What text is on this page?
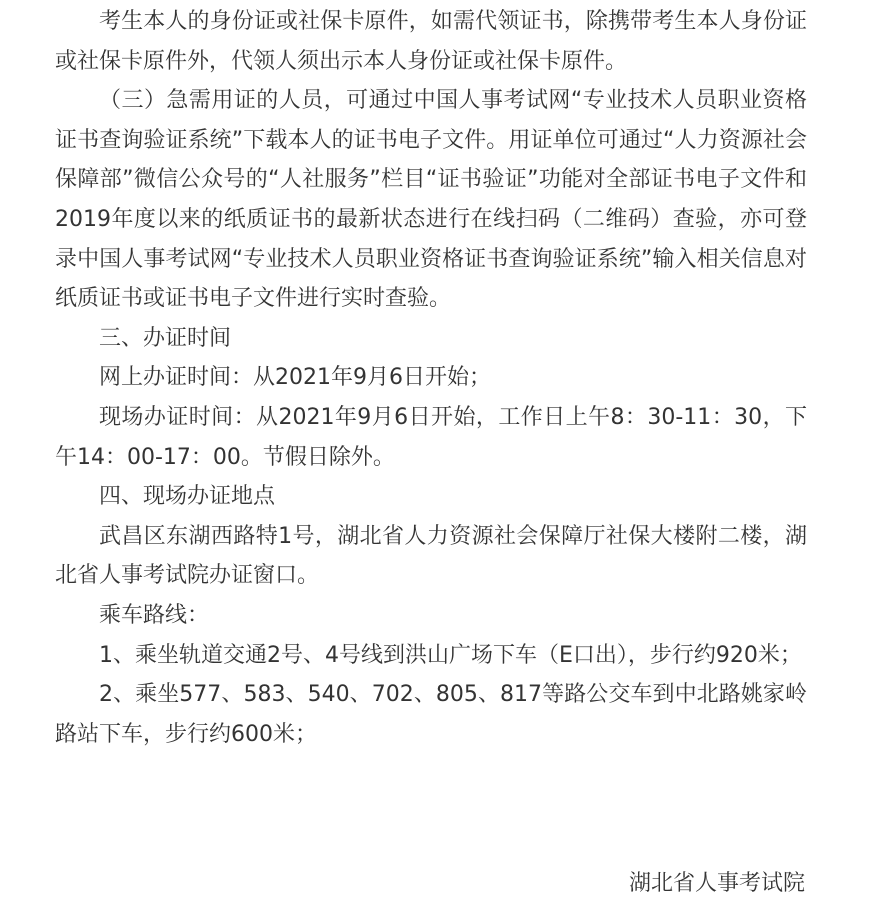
考生本人的身份证或社保卡原件，如需代领证书，除携带考生本人身份证或社保卡原件外，代领人须出示本人身份证或社保卡原件。

（三）急需用证的人员，可通过中国人事考试网“专业技术人员职业资格证书查询验证系统”下载本人的证书电子文件。用证单位可通过“人力资源社会保障部”微信公众号的“人社服务”栏目“证书验证”功能对全部证书电子文件和2019年度以来的纸质证书的最新状态进行在线扫码（二维码）查验，亦可登录中国人事考试网“专业技术人员职业资格证书查询验证系统”输入相关信息对纸质证书或证书电子文件进行实时查验。

三、办证时间

网上办证时间：从2021年9月6日开始；

现场办证时间：从2021年9月6日开始，工作日上午8：30-11：30，下午14：00-17：00。节假日除外。

四、现场办证地点

武昌区东湖西路特1号，湖北省人力资源社会保障厅社保大楼附二楼，湖北省人事考试院办证窗口。

乘车路线：

1、乘坐轨道交通2号、4号线到洪山广场下车（E口出），步行约920米；

2、乘坐577、583、540、702、805、817等路公交车到中北路姚家岭路站下车，步行约600米；

湖北省人事考试院
